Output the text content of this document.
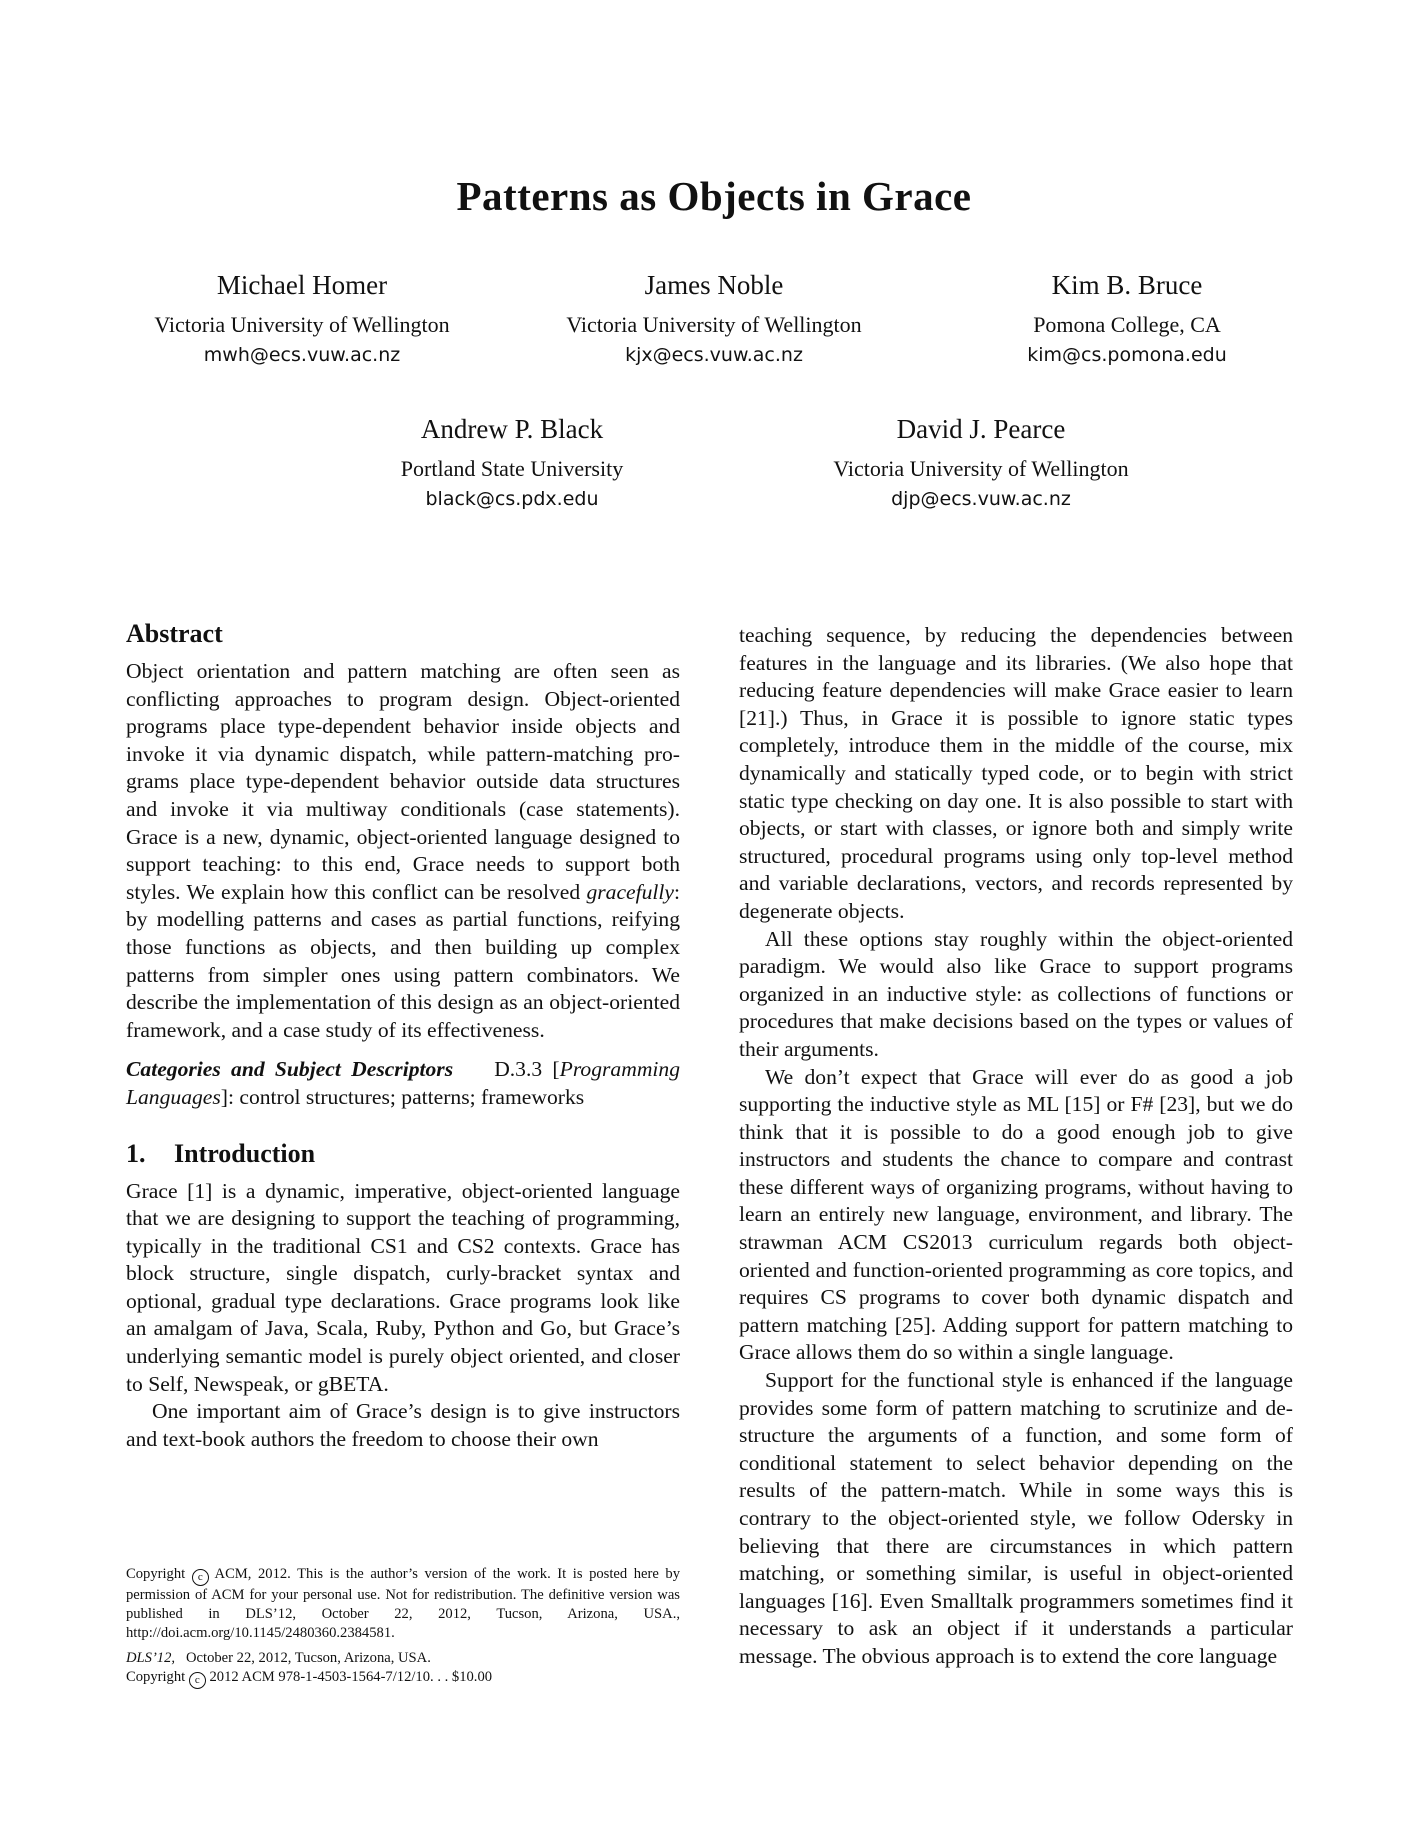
Patterns as Objects in Grace
Michael Homer
Victoria University of Wellington
mwh@ecs.vuw.ac.nz
James Noble
Victoria University of Wellington
kjx@ecs.vuw.ac.nz
Kim B. Bruce
Pomona College, CA
kim@cs.pomona.edu
Andrew P. Black
Portland State University
black@cs.pdx.edu
David J. Pearce
Victoria University of Wellington
djp@ecs.vuw.ac.nz
Abstract

Object orientation and pattern matching are often seen as conflicting approaches to program design. Object-oriented programs place type-dependent behavior inside objects and invoke it via dynamic dispatch, while pattern-matching programs place type-dependent behavior outside data structures and invoke it via multiway conditionals (case statements). Grace is a new, dynamic, object-oriented language designed to support teaching: to this end, Grace needs to support both styles. We explain how this conflict can be resolved gracefully: by modelling patterns and cases as partial functions, reifying those functions as objects, and then building up complex patterns from simpler ones using pattern combinators. We describe the implementation of this design as an object-oriented framework, and a case study of its effectiveness.

Categories and Subject Descriptors D.3.3 [Programming Languages]: control structures; patterns; frameworks

1. Introduction

Grace [1] is a dynamic, imperative, object-oriented language that we are designing to support the teaching of programming, typically in the traditional CS1 and CS2 contexts. Grace has block structure, single dispatch, curly-bracket syntax and optional, gradual type declarations. Grace programs look like an amalgam of Java, Scala, Ruby, Python and Go, but Grace’s underlying semantic model is purely object oriented, and closer to Self, Newspeak, or gBETA.

One important aim of Grace’s design is to give instructors and text-book authors the freedom to choose their own

Copyright c ACM, 2012. This is the author’s version of the work. It is posted here by permission of ACM for your personal use. Not for redistribution. The definitive version was published in DLS’12, October 22, 2012, Tucson, Arizona, USA., http://doi.acm.org/10.1145/2480360.2384581.

DLS’12, October 22, 2012, Tucson, Arizona, USA.

Copyright c 2012 ACM 978-1-4503-1564-7/12/10. . . $10.00

teaching sequence, by reducing the dependencies between features in the language and its libraries. (We also hope that reducing feature dependencies will make Grace easier to learn [21].) Thus, in Grace it is possible to ignore static types completely, introduce them in the middle of the course, mix dynamically and statically typed code, or to begin with strict static type checking on day one. It is also possible to start with objects, or start with classes, or ignore both and simply write structured, procedural programs using only top-level method and variable declarations, vectors, and records represented by degenerate objects.

All these options stay roughly within the object-oriented paradigm. We would also like Grace to support programs organized in an inductive style: as collections of functions or procedures that make decisions based on the types or values of their arguments.

We don’t expect that Grace will ever do as good a job supporting the inductive style as ML [15] or F# [23], but we do think that it is possible to do a good enough job to give instructors and students the chance to compare and contrast these different ways of organizing programs, without having to learn an entirely new language, environment, and library. The strawman ACM CS2013 curriculum regards both object-oriented and function-oriented programming as core topics, and requires CS programs to cover both dynamic dispatch and pattern matching [25]. Adding support for pattern matching to Grace allows them do so within a single language.

Support for the functional style is enhanced if the language provides some form of pattern matching to scrutinize and de-structure the arguments of a function, and some form of conditional statement to select behavior depending on the results of the pattern-match. While in some ways this is contrary to the object-oriented style, we follow Odersky in believing that there are circumstances in which pattern matching, or something similar, is useful in object-oriented languages [16]. Even Smalltalk programmers sometimes find it necessary to ask an object if it understands a particular message. The obvious approach is to extend the core language
